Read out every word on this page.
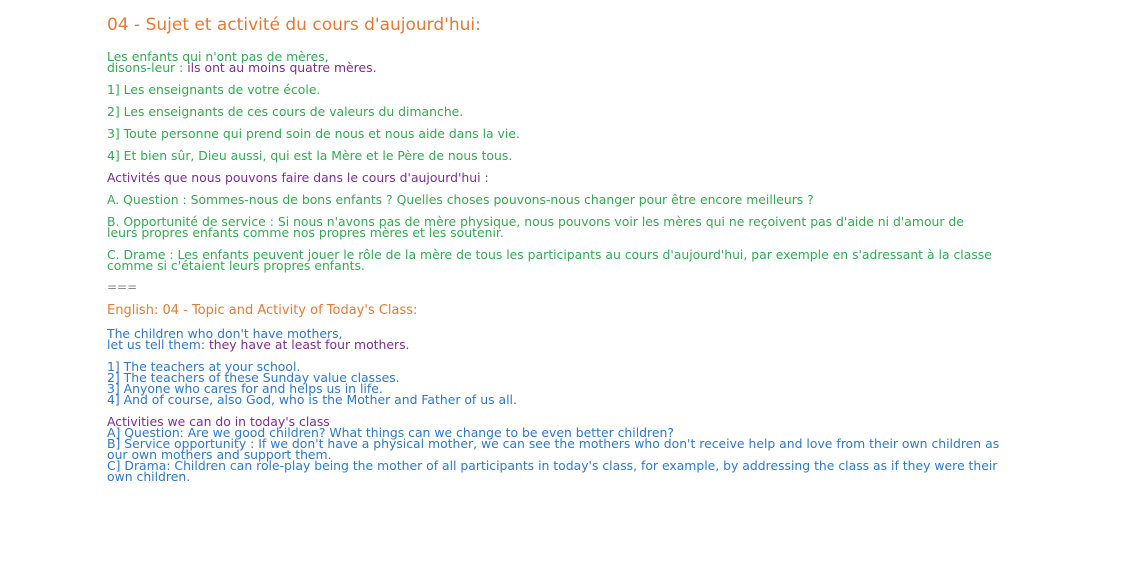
04 - Sujet et activité du cours d'aujourd'hui:
Les enfants qui n'ont pas de mères,
disons-leur : ils ont au moins quatre mères.
1] Les enseignants de votre école.
2] Les enseignants de ces cours de valeurs du dimanche.
3] Toute personne qui prend soin de nous et nous aide dans la vie.
4] Et bien sûr, Dieu aussi, qui est la Mère et le Père de nous tous.
Activités que nous pouvons faire dans le cours d'aujourd'hui :
A. Question : Sommes-nous de bons enfants ? Quelles choses pouvons-nous changer pour être encore meilleurs ?
B. Opportunité de service : Si nous n'avons pas de mère physique, nous pouvons voir les mères qui ne reçoivent pas d'aide ni d'amour de leurs propres enfants comme nos propres mères et les soutenir.
C. Drame : Les enfants peuvent jouer le rôle de la mère de tous les participants au cours d'aujourd'hui, par exemple en s'adressant à la classe comme si c'étaient leurs propres enfants.
===
English: 04 - Topic and Activity of Today's Class:
The children who don't have mothers,
let us tell them: they have at least four mothers.
1] The teachers at your school.
2] The teachers of these Sunday value classes.
3] Anyone who cares for and helps us in life.
4] And of course, also God, who is the Mother and Father of us all.
Activities we can do in today's class
A] Question: Are we good children? What things can we change to be even better children?
B] Service opportunity : If we don't have a physical mother, we can see the mothers who don't receive help and love from their own children as our own mothers and support them.
C] Drama: Children can role-play being the mother of all participants in today's class, for example, by addressing the class as if they were their own children.
